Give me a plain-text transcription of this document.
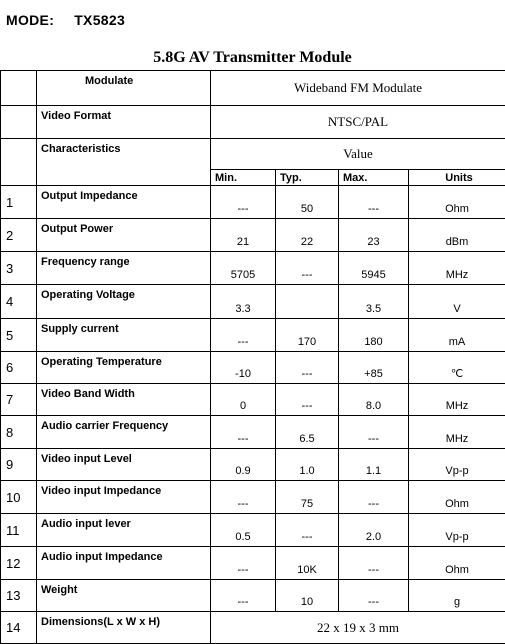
MODE: TX5823
5.8G AV Transmitter Module

	Modulate	Wideband FM Modulate			
	Video Format	NTSC/PAL			
	Characteristics	Value			
		Min.	Typ.	Max.	Units
1	Output Impedance	---	50	---	Ohm
2	Output Power	21	22	23	dBm
3	Frequency range	5705	---	5945	MHz
4	Operating Voltage	3.3		3.5	V
5	Supply current	---	170	180	mA
6	Operating Temperature	-10	---	+85	℃
7	Video Band Width	0	---	8.0	MHz
8	Audio carrier Frequency	---	6.5	---	MHz
9	Video input Level	0.9	1.0	1.1	Vp-p
10	Video input Impedance	---	75	---	Ohm
11	Audio input lever	0.5	---	2.0	Vp-p
12	Audio input Impedance	---	10K	---	Ohm
13	Weight	---	10	---	g
14	Dimensions(L x W x H)	22 x 19 x 3 mm			
